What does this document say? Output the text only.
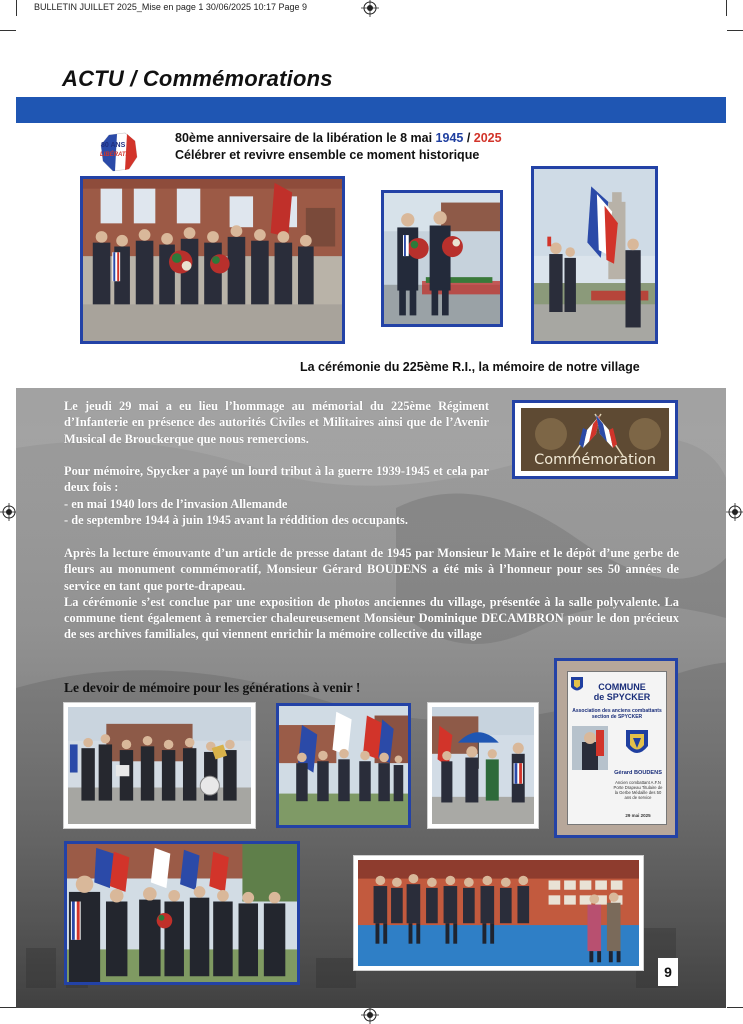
BULLETIN JUILLET 2025_Mise en page 1 30/06/2025 10:17 Page 9
ACTU / Commémorations
80 ANS
LIBÉRATION
80ème anniversaire de la libération le 8 mai 1945 / 2025
Célébrer et revivre ensemble ce moment historique
La cérémonie du 225ème R.I., la mémoire de notre village

Le jeudi 29 mai a eu lieu l’hommage au mémorial du 225ème Régiment d’Infanterie en présence des autorités Civiles et Militaires ainsi que de l’Avenir Musical de Brouckerque que nous remercions.

Pour mémoire, Spycker a payé un lourd tribut à la guerre 1939-1945 et cela par deux fois :

- en mai 1940 lors de l’invasion Allemande

- de septembre 1944 à juin 1945 avant la réddition des occupants.

Après la lecture émouvante d’un article de presse datant de 1945 par Monsieur le Maire et le dépôt d’une gerbe de fleurs au monument commémoratif, Monsieur Gérard BOUDENS a été mis à l’honneur pour ses 50 années de service en tant que porte-drapeau.

La cérémonie s’est conclue par une exposition de photos anciennes du village, présentée à la salle polyvalente. La commune tient également à remercier chaleureusement Monsieur Dominique DECAMBRON pour le don précieux de ses archives familiales, qui viennent enrichir la mémoire collective du village

Commémoration
Le devoir de mémoire pour les générations à venir !	COMMUNE
de SPYCKER
Association des anciens combattants section de SPYCKER
Gérard BOUDENS
Ancien combattant A.F.N Porte Drapeau Titulaire de la Gerbe Médaille des 50 ans de service
29 mai 2025
9
